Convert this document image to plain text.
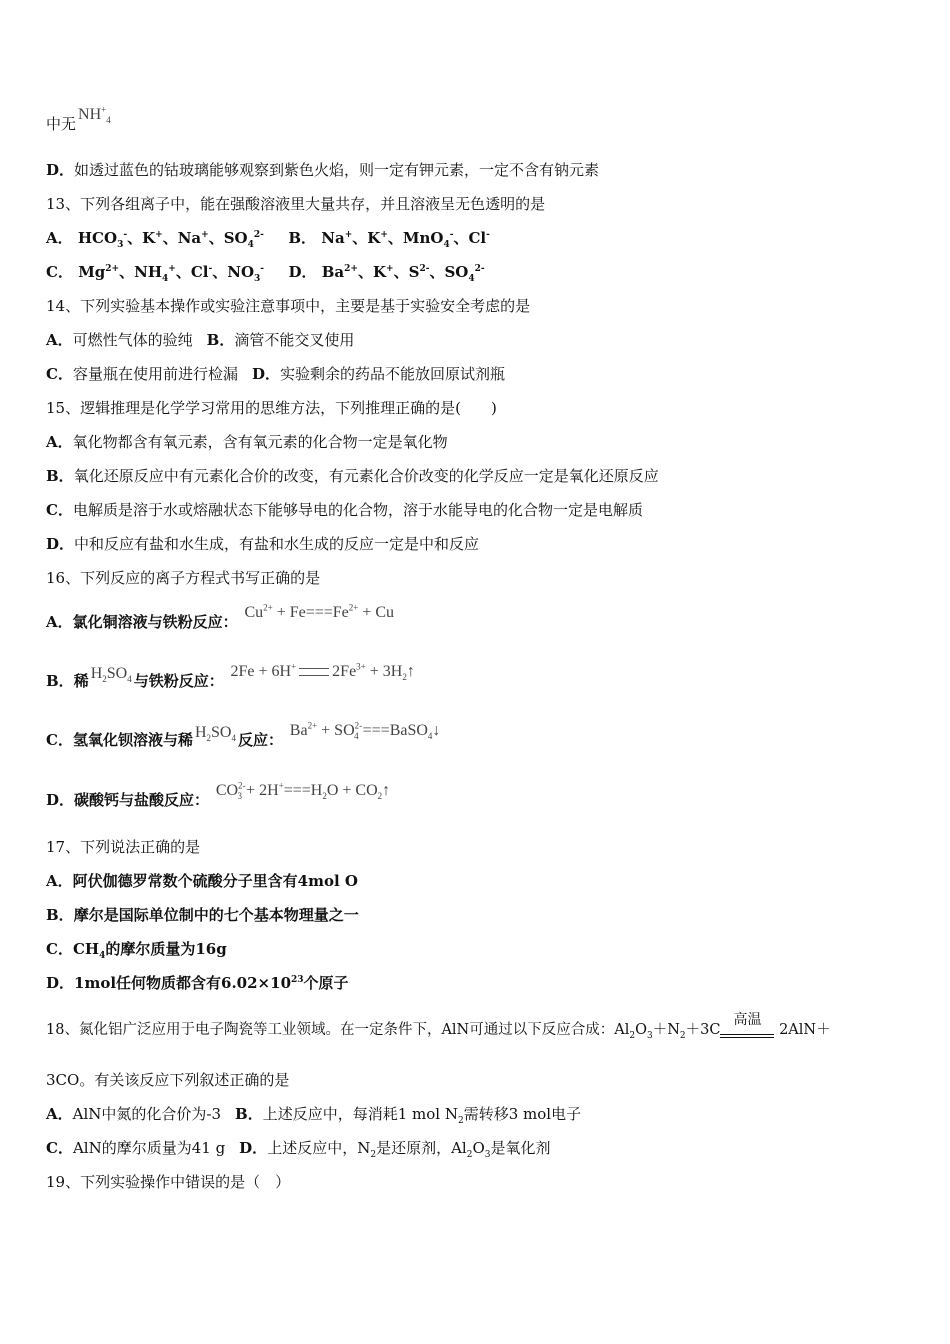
中无$NH^+_4$
D．如透过蓝色的钴玻璃能够观察到紫色火焰，则一定有钾元素，一定不含有钠元素
13、下列各组离子中，能在强酸溶液里大量共存，并且溶液呈无色透明的是
A． $HCO_3^-$、K+、Na+、$SO_4^{2-}$ B． Na+、K+、MnO$_4$-、Cl-
C． $Mg^{2+}$、$NH_4^+$、Cl-、$NO_3^-$ D． $Ba^{2+}$、K+、$S^{2-}$、$SO_4^{2-}$
14、下列实验基本操作或实验注意事项中，主要是基于实验安全考虑的是
A．可燃性气体的验纯 B．滴管不能交叉使用
C．容量瓶在使用前进行检漏 D．实验剩余的药品不能放回原试剂瓶
15、逻辑推理是化学学习常用的思维方法，下列推理正确的是(　　)
A．氧化物都含有氧元素，含有氧元素的化合物一定是氧化物
B．氧化还原反应中有元素化合价的改变，有元素化合价改变的化学反应一定是氧化还原反应
C．电解质是溶于水或熔融状态下能够导电的化合物，溶于水能导电的化合物一定是电解质
D．中和反应有盐和水生成，有盐和水生成的反应一定是中和反应
16、下列反应的离子方程式书写正确的是
A．氯化铜溶液与铁粉反应： $Cu^{2+} + Fe===Fe^{2+} + Cu$
B．稀 $H_2SO_4$ 与铁粉反应： 2Fe + 6H+ $2Fe^{3+}$ + $3H_2↑$
C．氢氧化钡溶液与稀 $H_2SO_4$ 反应： $Ba^{2+} + SO^{2-}_4$ ===BaSO$_4$↓
D．碳酸钙与盐酸反应： $CO^{2-}_3 + 2H^+===H_2O$ + $CO_2↑$
17、下列说法正确的是
A．阿伏伽德罗常数个硫酸分子里含有4mol O
B．摩尔是国际单位制中的七个基本物理量之一
C．$CH_4$的摩尔质量为16g
D．1mol任何物质都含有$6.02\times 10^{23}$个原子
18、氮化铝广泛应用于电子陶瓷等工业领域。在一定条件下，AlN可通过以下反应合成：$Al_2O_3+N_2+3C$
高温
2AlN＋
3CO。有关该反应下列叙述正确的是
A．AlN中氮的化合价为-3 B．上述反应中，每消耗1 mol $N_2$需转移3 mol电子
C．AlN的摩尔质量为41 g D．上述反应中，$N_2$是还原剂，$Al_2O_3$是氧化剂
19、下列实验操作中错误的是（　）
